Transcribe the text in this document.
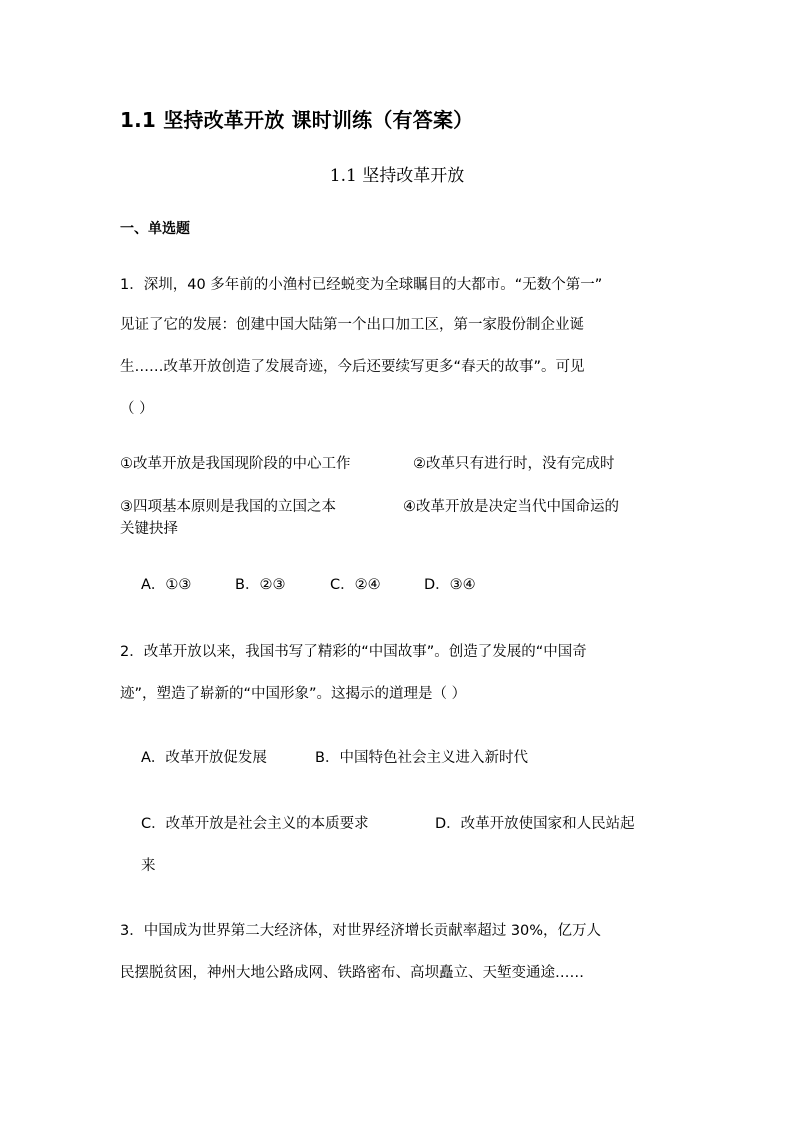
1.1 坚持改革开放 课时训练（有答案）
1.1 坚持改革开放
一、单选题
1．深圳，40 多年前的小渔村已经蜕变为全球瞩目的大都市。“无数个第一”
见证了它的发展：创建中国大陆第一个出口加工区，第一家股份制企业诞
生……改革开放创造了发展奇迹，今后还要续写更多“春天的故事”。可见
（ ）
①改革开放是我国现阶段的中心工作	②改革只有进行时，没有完成时
③四项基本原则是我国的立国之本	④改革开放是决定当代中国命运的
关键抉择
A．①③	B．②③	C．②④	D．③④
2．改革开放以来，我国书写了精彩的“中国故事”。创造了发展的“中国奇
迹”，塑造了崭新的“中国形象”。这揭示的道理是（ ）
A．改革开放促发展	B．中国特色社会主义进入新时代
C．改革开放是社会主义的本质要求	D．改革开放使国家和人民站起
来
3．中国成为世界第二大经济体，对世界经济增长贡献率超过 30%，亿万人
民摆脱贫困，神州大地公路成网、铁路密布、高坝矗立、天堑变通途……
